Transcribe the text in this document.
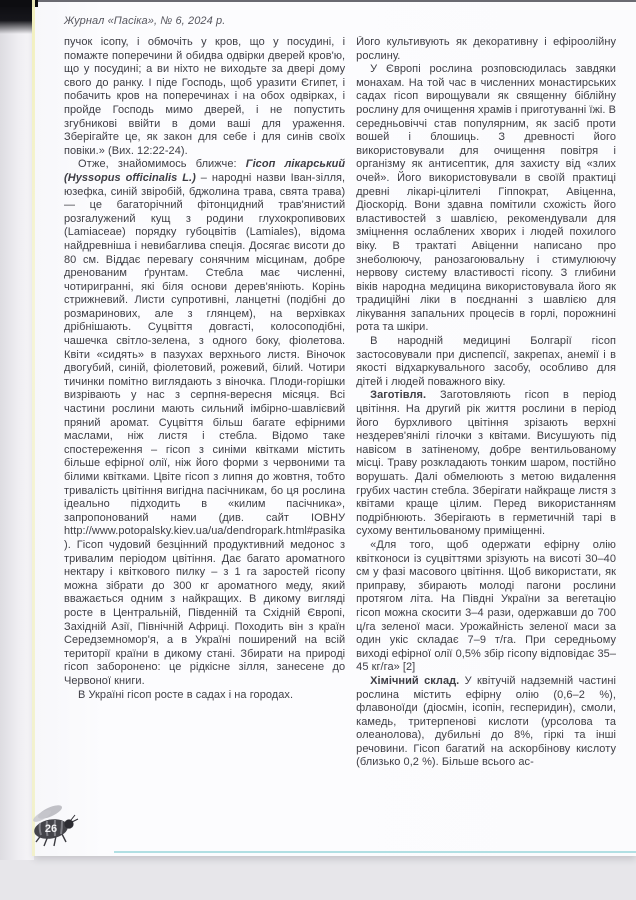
Журнал «Пасіка», № 6, 2024 р.

пучок ісопу, і обмочіть у кров, що у посудині, і помажте поперечини й обидва одвірки дверей кров'ю, що у посудині; а ви ніхто не виходьте за двері дому свого до ранку. І піде Господь, щоб уразити Єгипет, і побачить кров на поперечинах і на обох одвірках, і пройде Господь мимо дверей, і не попустить згубникові ввійти в доми ваші для ураження. Зберігайте це, як закон для себе і для синів своїх повіки.» (Вих. 12:22-24).

Отже, знайомимось ближче: Гісоп лікарський (Hyssopus officinalis L.) – народні назви Іван-зілля, юзефка, синій звіробій, бджолина трава, свята трава) — це багаторічний фітонцидний трав'янистий розгалужений кущ з родини глухокропивових (Lamiaceae) порядку губоцвітів (Lamiales), відома найдревніша і невибаглива спеція. Досягає висоти до 80 см. Віддає перевагу сонячним місцинам, добре дренованим ґрунтам. Стебла має численні, чотиригранні, які біля основи дерев'яніють. Корінь стрижневий. Листи супротивні, ланцетні (подібні до розмаринових, але з глянцем), на верхівках дрібнішають. Суцвіття довгасті, колосоподібні, чашечка світло-зелена, з одного боку, фіолетова. Квіти «сидять» в пазухах верхнього листя. Віночок двогубий, синій, фіолетовий, рожевий, білий. Чотири тичинки помітно виглядають з віночка. Плоди-горішки визрівають у нас з серпня-вересня місяця. Всі частини рослини мають сильний імбірно-шавлієвий пряний аромат. Суцвіття більш багате ефірними маслами, ніж листя і стебла. Відомо таке спостереження – гісоп з синіми квітками містить більше ефірної олії, ніж його форми з червоними та білими квітками. Цвіте гісоп з липня до жовтня, тобто тривалість цвітіння вигідна пасічникам, бо ця рослина ідеально підходить в «килим пасічника», запропонований нами (див. сайт ІОВНУ http://www.potopalsky.kiev.ua/ua/dendropark.html#pasika ). Гісоп чудовий безцінний продуктивний медонос з тривалим періодом цвітіння. Дає багато ароматного нектару і квіткового пилку – з 1 га заростей гісопу можна зібрати до 300 кг ароматного меду, який вважається одним з найкращих. В дикому вигляді росте в Центральній, Південній та Східній Європі, Західній Азії, Північній Африці. Походить він з країн Середземномор'я, а в Україні поширений на всій території країни в дикому стані. Збирати на природі гісоп заборонено: це рідкісне зілля, занесене до Червоної книги.

В Україні гісоп росте в садах і на городах.

Його культивують як декоративну і ефіроолійну рослину.

У Європі рослина розповсюдилась завдяки монахам. На той час в численних монастирських садах гісоп вирощували як священну біблійну рослину для очищення храмів і приготуванні їжі. В середньовіччі став популярним, як засіб проти вошей і блошиць. З древності його використовували для очищення повітря і організму як антисептик, для захисту від «злих очей». Його використовували в своїй практиці древні лікарі-цілителі Гіппократ, Авіценна, Діоскорід. Вони здавна помітили схожість його властивостей з шавлією, рекомендували для зміцнення ослаблених хворих і людей похилого віку. В трактаті Авіценни написано про знеболюючу, ранозагоювальну і стимулюючу нервову систему властивості гісопу. З глибини віків народна медицина використовувала його як традиційні ліки в поєднанні з шавлією для лікування запальних процесів в горлі, порожнині рота та шкіри.

В народній медицині Болгарії гісоп застосовували при диспепсії, закрепах, анемії і в якості відхаркувального засобу, особливо для дітей і людей поважного віку.

Заготівля. Заготовляють гісоп в період цвітіння. На другий рік життя рослини в період його бурхливого цвітіння зрізають верхні нездерев'янілі гілочки з квітами. Висушують під навісом в затіненому, добре вентильованому місці. Траву розкладають тонким шаром, постійно ворушать. Далі обмелюють з метою видалення грубих частин стебла. Зберігати найкраще листя з квітами краще цілим. Перед використанням подрібнюють. Зберігають в герметичній тарі в сухому вентильованому приміщенні.

«Для того, щоб одержати ефірну олію квітконоси із суцвіттями зрізують на висоті 30–40 см у фазі масового цвітіння. Щоб використати, як приправу, збирають молоді пагони рослини протягом літа. На Півдні України за вегетацію гісоп можна скосити 3–4 рази, одержавши до 700 ц/га зеленої маси. Урожайність зеленої маси за один укіс складає 7–9 т/га. При середньому виході ефірної олії 0,5% збір гісопу відповідає 35–45 кг/га» [2]

Хімічний склад. У квітучій надземній частині рослина містить ефірну олію (0,6–2 %), флавоноїди (діосмін, ісопін, гесперидин), смоли, камедь, тритерпенові кислоти (урсолова та олеанолова), дубильні до 8%, гіркі та інші речовини. Гісоп багатий на аскорбінову кислоту (близько 0,2 %). Більше всього ас-

26
